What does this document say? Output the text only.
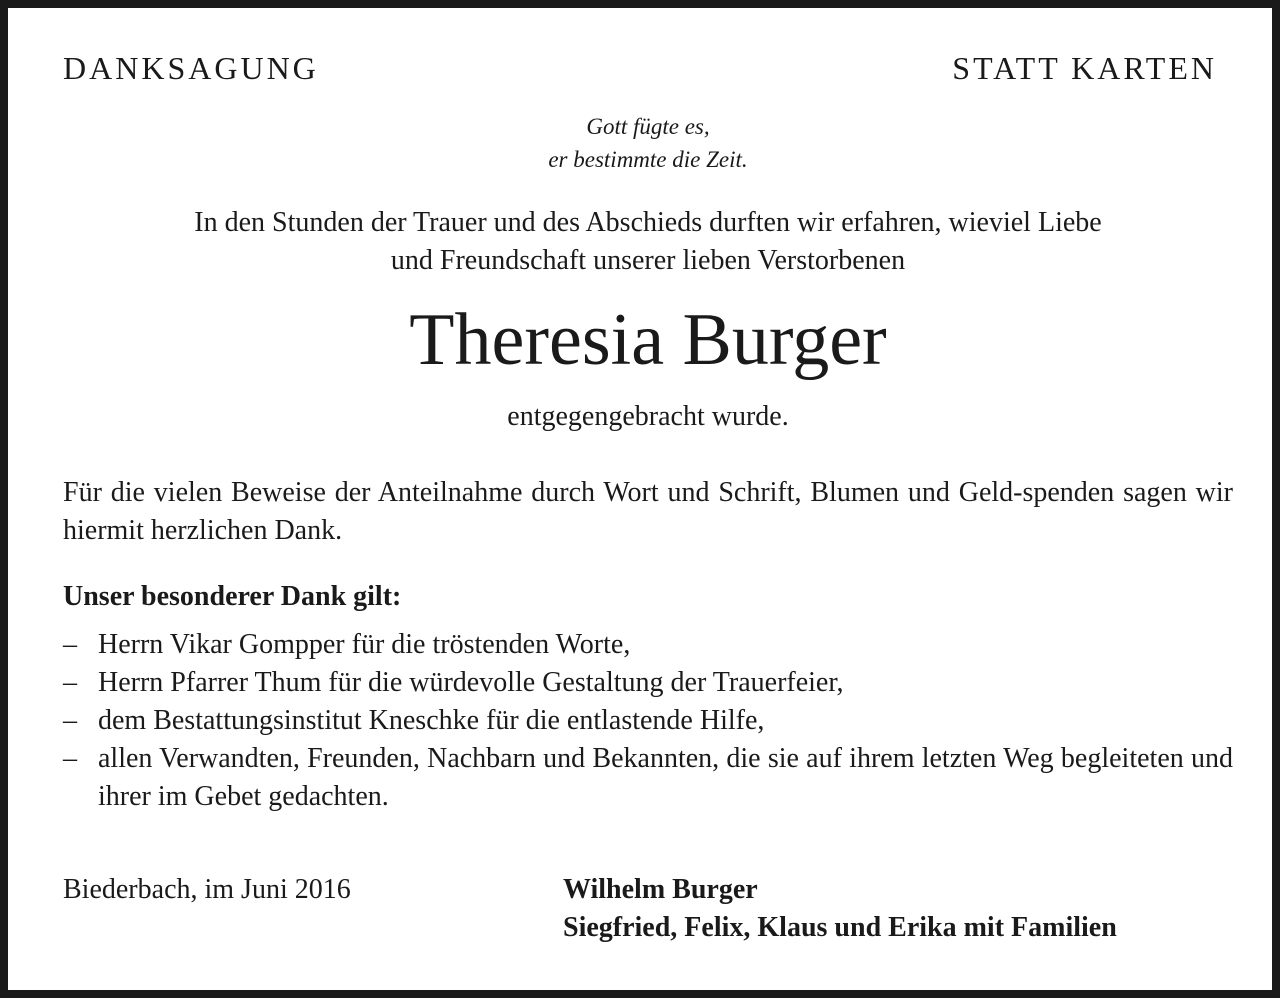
DANKSAGUNG	STATT KARTEN
Gott fügte es,
er bestimmte die Zeit.
In den Stunden der Trauer und des Abschieds durften wir erfahren, wieviel Liebe
und Freundschaft unserer lieben Verstorbenen
Theresia Burger
entgegengebracht wurde.
Für die vielen Beweise der Anteilnahme durch Wort und Schrift, Blumen und Geld-spenden sagen wir hiermit herzlichen Dank.
Unser besonderer Dank gilt:
– Herrn Vikar Gompper für die tröstenden Worte,
– Herrn Pfarrer Thum für die würdevolle Gestaltung der Trauerfeier,
– dem Bestattungsinstitut Kneschke für die entlastende Hilfe,
– allen Verwandten, Freunden, Nachbarn und Bekannten, die sie auf ihrem letzten Weg begleiteten und ihrer im Gebet gedachten.
Biederbach, im Juni 2016	Wilhelm Burger
Siegfried, Felix, Klaus und Erika mit Familien
